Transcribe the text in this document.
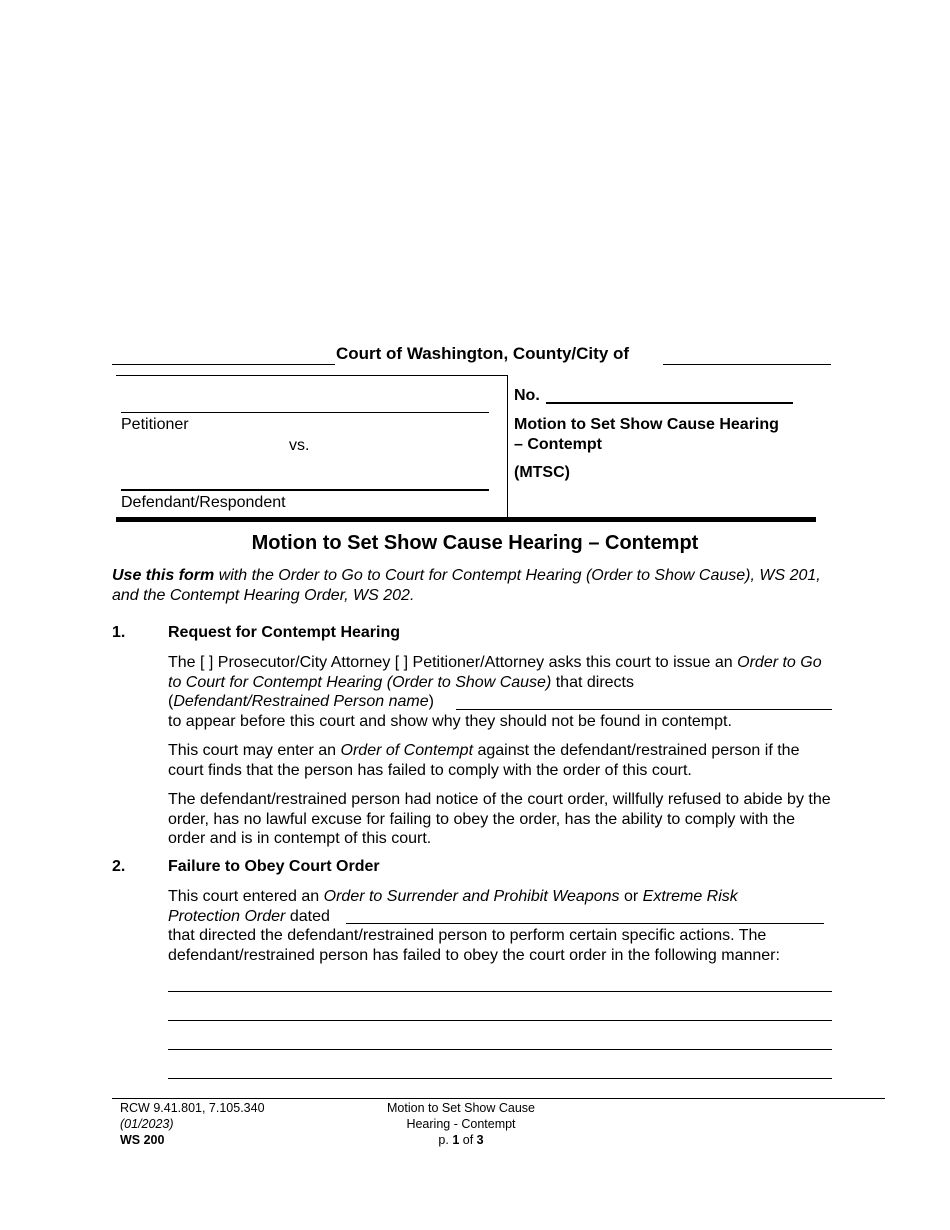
Court of Washington, County/City of
Petitioner
vs.
Defendant/Respondent
No.
Motion to Set Show Cause Hearing
– Contempt
(MTSC)
Motion to Set Show Cause Hearing – Contempt
Use this form with the Order to Go to Court for Contempt Hearing (Order to Show Cause), WS 201, and the Contempt Hearing Order, WS 202.
1.	Request for Contempt Hearing
The [ ] Prosecutor/City Attorney [ ] Petitioner/Attorney asks this court to issue an Order to Go to Court for Contempt Hearing (Order to Show Cause) that directs
(Defendant/Restrained Person name)
to appear before this court and show why they should not be found in contempt.
This court may enter an Order of Contempt against the defendant/restrained person if the court finds that the person has failed to comply with the order of this court.
The defendant/restrained person had notice of the court order, willfully refused to abide by the order, has no lawful excuse for failing to obey the order, has the ability to comply with the order and is in contempt of this court.
2.	Failure to Obey Court Order
This court entered an Order to Surrender and Prohibit Weapons or Extreme Risk Protection Order dated
that directed the defendant/restrained person to perform certain specific actions. The defendant/restrained person has failed to obey the court order in the following manner:
RCW 9.41.801, 7.105.340
(01/2023)
WS 200
Motion to Set Show Cause
Hearing - Contempt
p. 1 of 3
